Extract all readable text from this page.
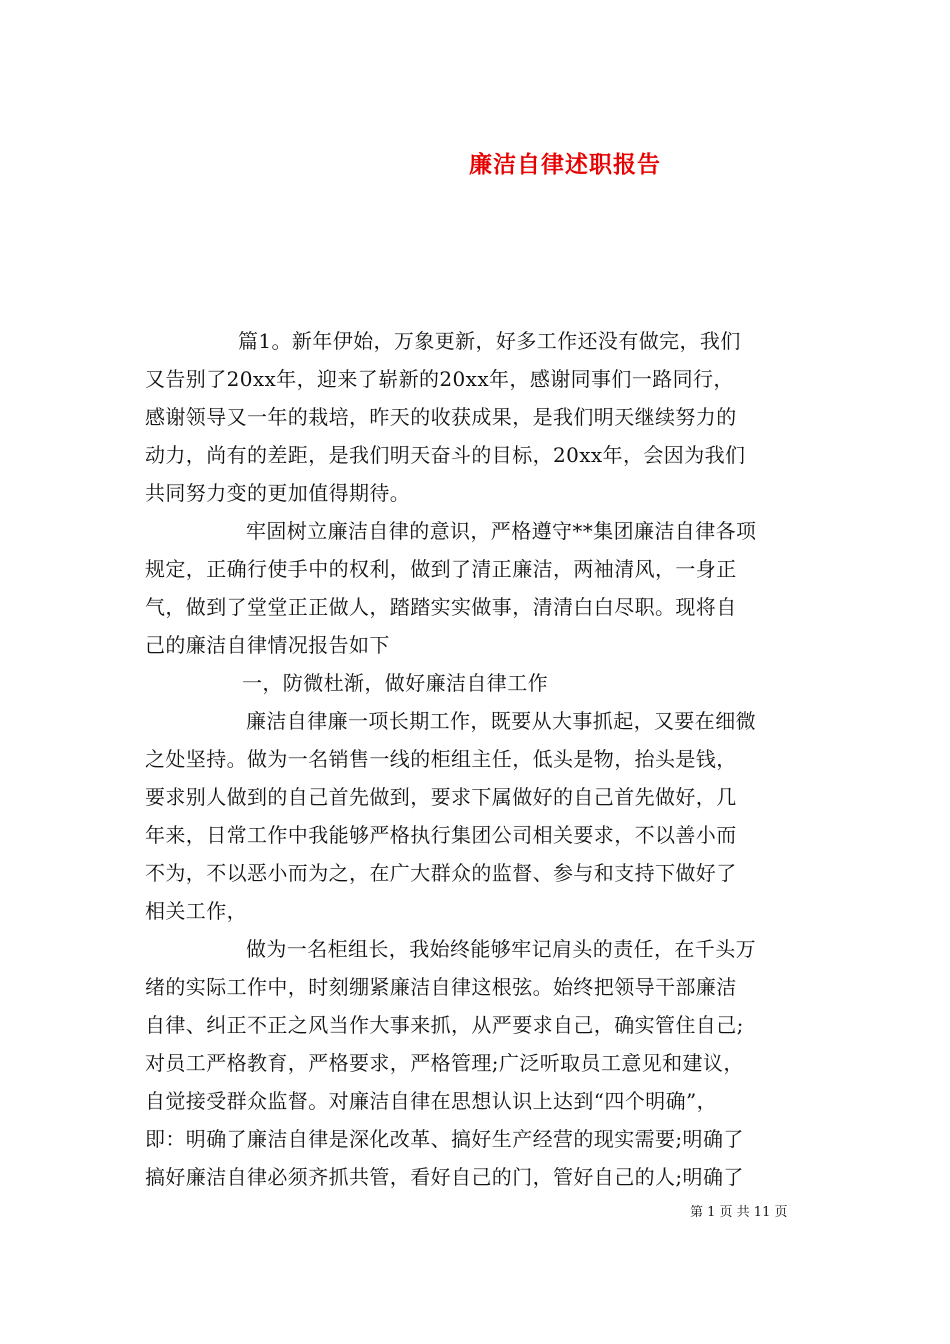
廉洁自律述职报告
篇1。新年伊始，万象更新，好多工作还没有做完，我们
又告别了20xx年，迎来了崭新的20xx年，感谢同事们一路同行，
感谢领导又一年的栽培，昨天的收获成果，是我们明天继续努力的
动力，尚有的差距，是我们明天奋斗的目标，20xx年，会因为我们
共同努力变的更加值得期待。
牢固树立廉洁自律的意识，严格遵守**集团廉洁自律各项
规定，正确行使手中的权利，做到了清正廉洁，两袖清风，一身正
气，做到了堂堂正正做人，踏踏实实做事，清清白白尽职。现将自
己的廉洁自律情况报告如下
一，防微杜渐，做好廉洁自律工作
廉洁自律廉一项长期工作，既要从大事抓起，又要在细微
之处坚持。做为一名销售一线的柜组主任，低头是物，抬头是钱，
要求别人做到的自己首先做到，要求下属做好的自己首先做好，几
年来，日常工作中我能够严格执行集团公司相关要求，不以善小而
不为，不以恶小而为之，在广大群众的监督、参与和支持下做好了
相关工作，
做为一名柜组长，我始终能够牢记肩头的责任，在千头万
绪的实际工作中，时刻绷紧廉洁自律这根弦。始终把领导干部廉洁
自律、纠正不正之风当作大事来抓，从严要求自己，确实管住自己;
对员工严格教育，严格要求，严格管理;广泛听取员工意见和建议，
自觉接受群众监督。对廉洁自律在思想认识上达到“四个明确”，
即：明确了廉洁自律是深化改革、搞好生产经营的现实需要;明确了
搞好廉洁自律必须齐抓共管，看好自己的门，管好自己的人;明确了
第 1 页 共 11 页
